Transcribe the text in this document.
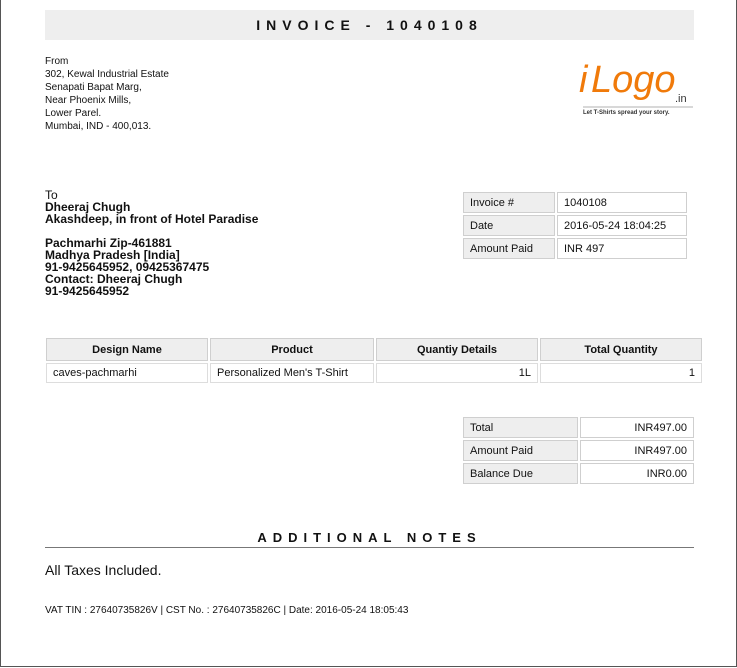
INVOICE - 1040108
From
302, Kewal Industrial Estate
Senapati Bapat Marg,
Near Phoenix Mills,
Lower Parel.
Mumbai, IND - 400,013.
i Logo .in
Let T-Shirts spread your story.
To
Dheeraj Chugh
Akashdeep, in front of Hotel Paradise
Pachmarhi Zip-461881
Madhya Pradesh [India]
91-9425645952, 09425367475
Contact: Dheeraj Chugh
91-9425645952
Invoice #	1040108
Date	2016-05-24 18:04:25
Amount Paid	INR 497
Design Name	Product	Quantiy Details	Total Quantity
caves-pachmarhi	Personalized Men's T-Shirt	1L	1
Total	INR497.00
Amount Paid	INR497.00
Balance Due	INR0.00
ADDITIONAL NOTES
All Taxes Included.
VAT TIN : 27640735826V | CST No. : 27640735826C | Date: 2016-05-24 18:05:43
